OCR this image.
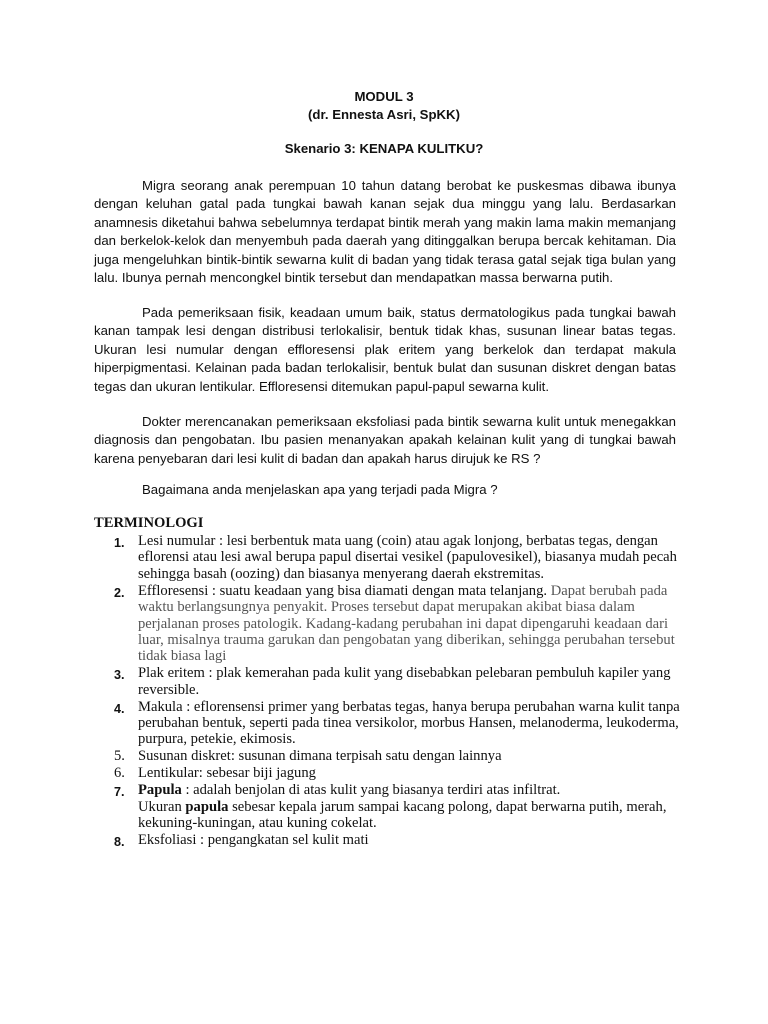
MODUL 3
(dr. Ennesta Asri, SpKK)
Skenario 3: KENAPA KULITKU?

Migra seorang anak perempuan 10 tahun datang berobat ke puskesmas dibawa ibunya dengan keluhan gatal pada tungkai bawah kanan sejak dua minggu yang lalu. Berdasarkan anamnesis diketahui bahwa sebelumnya terdapat bintik merah yang makin lama makin memanjang dan berkelok-kelok dan menyembuh pada daerah yang ditinggalkan berupa bercak kehitaman. Dia juga mengeluhkan bintik-bintik sewarna kulit di badan yang tidak terasa gatal sejak tiga bulan yang lalu. Ibunya pernah mencongkel bintik tersebut dan mendapatkan massa berwarna putih.

Pada pemeriksaan fisik, keadaan umum baik, status dermatologikus pada tungkai bawah kanan tampak lesi dengan distribusi terlokalisir, bentuk tidak khas, susunan linear batas tegas. Ukuran lesi numular dengan effloresensi plak eritem yang berkelok dan terdapat makula hiperpigmentasi. Kelainan pada badan terlokalisir, bentuk bulat dan susunan diskret dengan batas tegas dan ukuran lentikular. Effloresensi ditemukan papul-papul sewarna kulit.

Dokter merencanakan pemeriksaan eksfoliasi pada bintik sewarna kulit untuk menegakkan diagnosis dan pengobatan. Ibu pasien menanyakan apakah kelainan kulit yang di tungkai bawah karena penyebaran dari lesi kulit di badan dan apakah harus dirujuk ke RS ?

Bagaimana anda menjelaskan apa yang terjadi pada Migra ?

TERMINOLOGI
1. Lesi numular : lesi berbentuk mata uang (coin) atau agak lonjong, berbatas tegas, dengan eflorensi atau lesi awal berupa papul disertai vesikel (papulovesikel), biasanya mudah pecah sehingga basah (oozing) dan biasanya menyerang daerah ekstremitas.
2. Effloresensi : suatu keadaan yang bisa diamati dengan mata telanjang. Dapat berubah pada waktu berlangsungnya penyakit. Proses tersebut dapat merupakan akibat biasa dalam perjalanan proses patologik. Kadang-kadang perubahan ini dapat dipengaruhi keadaan dari luar, misalnya trauma garukan dan pengobatan yang diberikan, sehingga perubahan tersebut tidak biasa lagi
3. Plak eritem : plak kemerahan pada kulit yang disebabkan pelebaran pembuluh kapiler yang reversible.
4. Makula : eflorensensi primer yang berbatas tegas, hanya berupa perubahan warna kulit tanpa perubahan bentuk, seperti pada tinea versikolor, morbus Hansen, melanoderma, leukoderma, purpura, petekie, ekimosis.
5. Susunan diskret: susunan dimana terpisah satu dengan lainnya
6. Lentikular: sebesar biji jagung
7. Papula : adalah benjolan di atas kulit yang biasanya terdiri atas infiltrat.
Ukuran papula sebesar kepala jarum sampai kacang polong, dapat berwarna putih, merah, kekuning-kuningan, atau kuning cokelat.
8. Eksfoliasi : pengangkatan sel kulit mati
